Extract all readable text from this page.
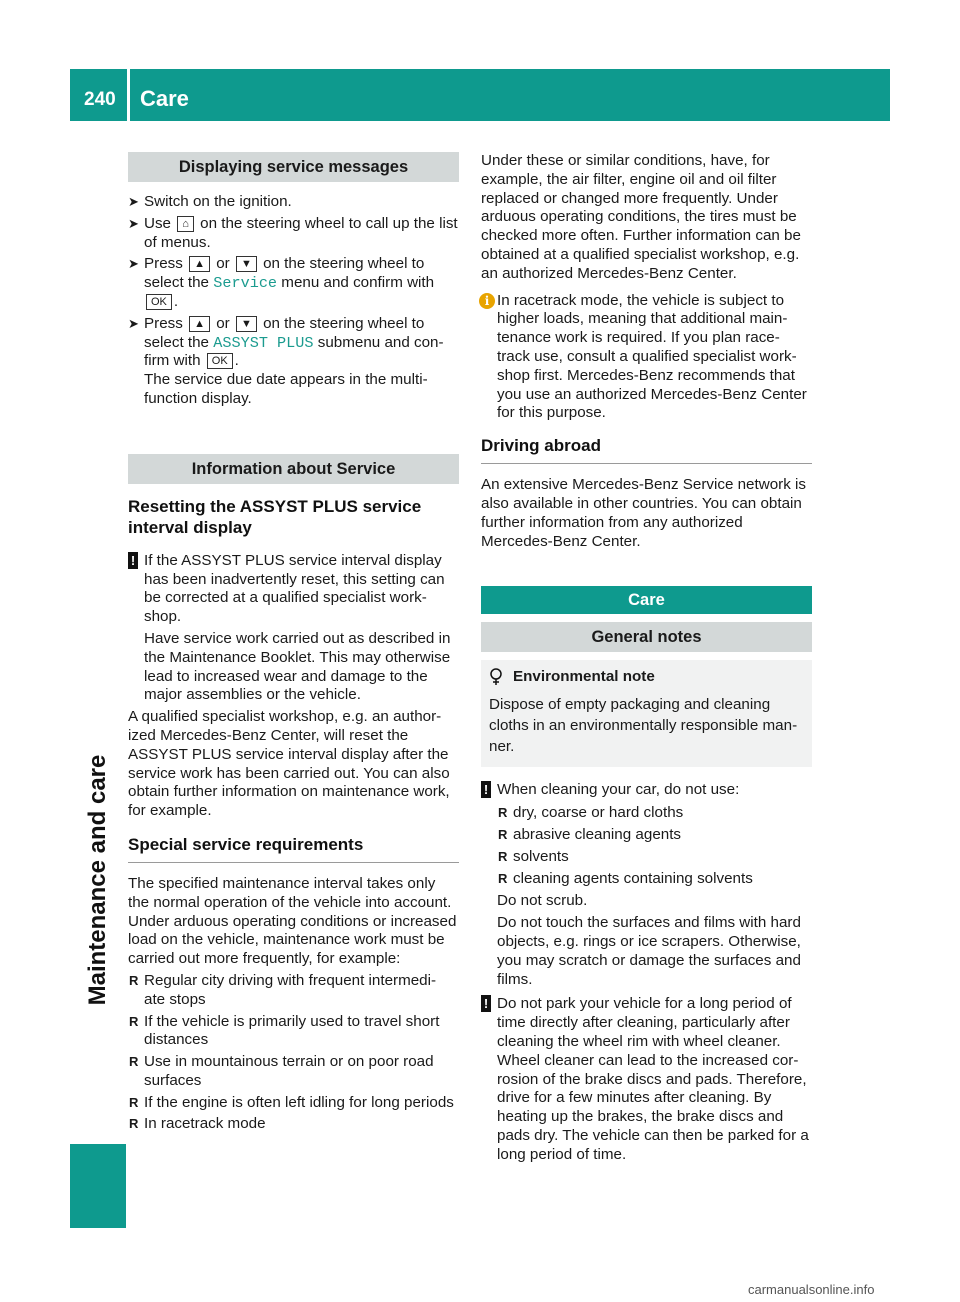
240 Care
Maintenance and care
Displaying service messages
➤ Switch on the ignition.
➤ Use ⌂ on the steering wheel to call up the list of menus.
➤ Press ▲ or ▼ on the steering wheel to select the Service menu and confirm with OK .
➤ Press ▲ or ▼ on the steering wheel to select the ASSYST PLUS submenu and con- firm with OK .
The service due date appears in the multi- function display.
Information about Service
Resetting the ASSYST PLUS service interval display
! If the ASSYST PLUS service interval display has been inadvertently reset, this setting can be corrected at a qualified specialist work- shop.

Have service work carried out as described in the Maintenance Booklet. This may otherwise lead to increased wear and damage to the major assemblies or the vehicle.

A qualified specialist workshop, e.g. an author- ized Mercedes-Benz Center, will reset the ASSYST PLUS service interval display after the service work has been carried out. You can also obtain further information on maintenance work, for example.

Special service requirements

The specified maintenance interval takes only the normal operation of the vehicle into account. Under arduous operating conditions or increased load on the vehicle, maintenance work must be carried out more frequently, for example:

R Regular city driving with frequent intermedi- ate stops
R If the vehicle is primarily used to travel short distances
R Use in mountainous terrain or on poor road surfaces
R If the engine is often left idling for long periods
R In racetrack mode

Under these or similar conditions, have, for example, the air filter, engine oil and oil filter replaced or changed more frequently. Under arduous operating conditions, the tires must be checked more often. Further information can be obtained at a qualified specialist workshop, e.g. an authorized Mercedes-Benz Center.

i In racetrack mode, the vehicle is subject to higher loads, meaning that additional main- tenance work is required. If you plan race- track use, consult a qualified specialist work- shop first. Mercedes-Benz recommends that you use an authorized Mercedes-Benz Center for this purpose.
Driving abroad

An extensive Mercedes-Benz Service network is also available in other countries. You can obtain further information from any authorized Mercedes-Benz Center.

Care
General notes
Environmental note

Dispose of empty packaging and cleaning cloths in an environmentally responsible man- ner.

! When cleaning your car, do not use:

R dry, coarse or hard cloths
R abrasive cleaning agents
R solvents
R cleaning agents containing solvents

Do not scrub.

Do not touch the surfaces and films with hard objects, e.g. rings or ice scrapers. Otherwise, you may scratch or damage the surfaces and films.

! Do not park your vehicle for a long period of time directly after cleaning, particularly after cleaning the wheel rim with wheel cleaner. Wheel cleaner can lead to the increased cor- rosion of the brake discs and pads. Therefore, drive for a few minutes after cleaning. By heating up the brakes, the brake discs and pads dry. The vehicle can then be parked for a long period of time.

carmanualsonline.info
